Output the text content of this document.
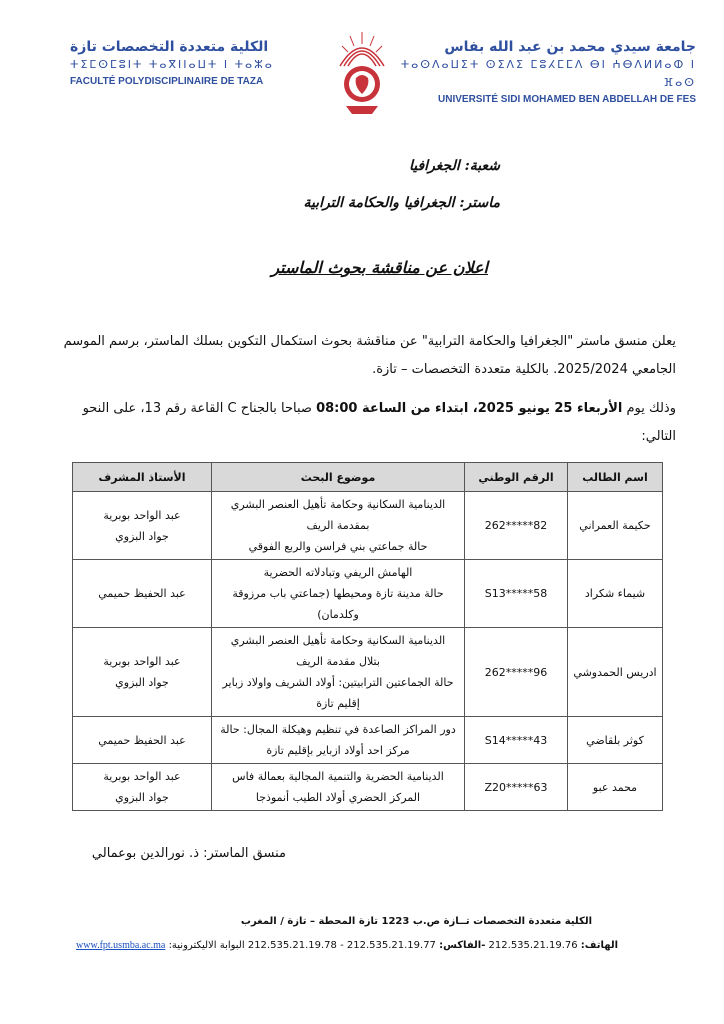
جامعة سيدي محمد بن عبد الله بفاس
ⵜⴰⵙⴷⴰⵡⵉⵜ ⵙⵉⴷⵉ ⵎⵓⵃⵎⵎⴷ ⴱⵏ ⵄⴱⴷⵍⵍⴰⵀ ⵏ ⴼⴰⵙ
UNIVERSITÉ SIDI MOHAMED BEN ABDELLAH DE FES
الكلية متعددة التخصصات تازة
ⵜⵉⵎⵙⵎⵓⵏⵜ ⵜⴰⴳⵏⵏⴰⵡⵜ ⵏ ⵜⴰⵣⴰ
FACULTÉ POLYDISCIPLINAIRE DE TAZA
شعبة: الجغرافيا
ماستر: الجغرافيا والحكامة الترابية
اعلان عن مناقشة بحوث الماستر
يعلن منسق ماستر "الجغرافيا والحكامة الترابية" عن مناقشة بحوث استكمال التكوين بسلك الماستر، برسم الموسم الجامعي 2025/2024. بالكلية متعددة التخصصات – تازة.
وذلك يوم الأربعاء 25 يونيو 2025، ابتداء من الساعة 08:00 صباحا بالجناح C القاعة رقم 13، على النحو التالي:
اسم الطالب	الرقم الوطني	موضوع البحث	الأستاذ المشرف
حكيمة العمراني	262*****82	الدينامية السكانية وحكامة تأهيل العنصر البشري
بمقدمة الريف
حالة جماعتي بني فراسن والربع الفوقي	عبد الواحد بوبرية
جواد البزوي

شيماء شكراد	S13*****58	الهامش الريفي وتبادلاته الحضرية
حالة مدينة تازة ومحيطها (جماعتي باب مرزوقة
وكلدمان)	عبد الحفيظ حميمي

ادريس الحمدوشي	262*****96	الدينامية السكانية وحكامة تأهيل العنصر البشري
بتلال مقدمة الريف
حالة الجماعتين الترابيتين: أولاد الشريف واولاد زباير
إقليم تازة	عبد الواحد بوبرية
جواد البزوي

كوثر بلقاضي	S14*****43	دور المراكز الصاعدة في تنظيم وهيكلة المجال: حالة
مركز احد أولاد ازباير بإقليم تازة	عبد الحفيظ حميمي

محمد عبو	Z20*****63	الدينامية الحضرية والتنمية المجالية بعمالة فاس
المركز الحضري أولاد الطيب أنموذجا	عبد الواحد بوبرية
جواد البزوي
منسق الماستر: ذ. نورالدين بوعمالي
الكلية متعددة التخصصات تــازة ص.ب 1223 تازة المحطة – تازة / المغرب
الهاتف: 212.535.21.19.76 -الفاكس: 212.535.21.19.77 - 212.535.21.19.78 البوابة الاليكترونية: www.fpt.usmba.ac.ma
